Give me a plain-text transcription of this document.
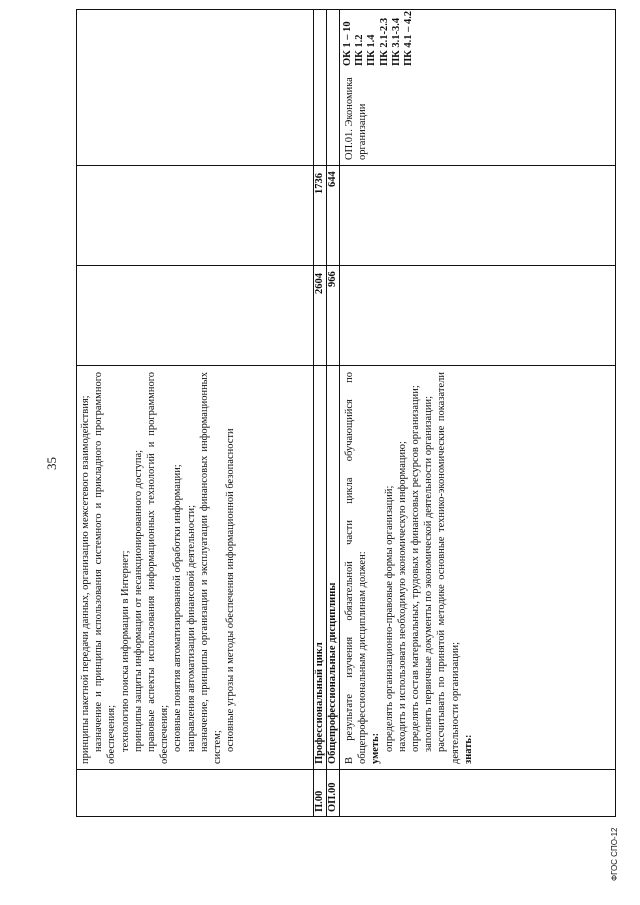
35 принципы пакетной передачи данных, организацию межсетевого взаимодействия; назначение и принципы использования системного и прикладного программного обеспечения; технологию поиска информации в Интернет; принципы защиты информации от несанкционированного доступа; правовые аспекты использования информационных технологий и программного обеспечения; основные понятия автоматизированной обработки информации; направления автоматизации финансовой деятельности; назначение, принципы организации и эксплуатации финансовых информационных систем; основные угрозы и методы обеспечения информационной безопасности

П.00
Профессиональный цикл
2604
1736
ОП.00
Общепрофессиональные дисциплины
966
644

В результате изучения обязательной части цикла обучающийся по общепрофессиональным дисциплинам должен: уметь: определять организационно-правовые формы организаций; находить и использовать необходимую экономическую информацию; определять состав материальных, трудовых и финансовых ресурсов организации; заполнять первичные документы по экономической деятельности организации; рассчитывать по принятой методике основные технико-экономические показатели деятельности организации; знать:

ОП.01. Экономика организации

ОК 1 – 10 ПК 1.2 ПК 1.4 ПК 2.1-2.3 ПК 3.1-3.4 ПК 4.1 – 4.2

ФГОС СПО-12
